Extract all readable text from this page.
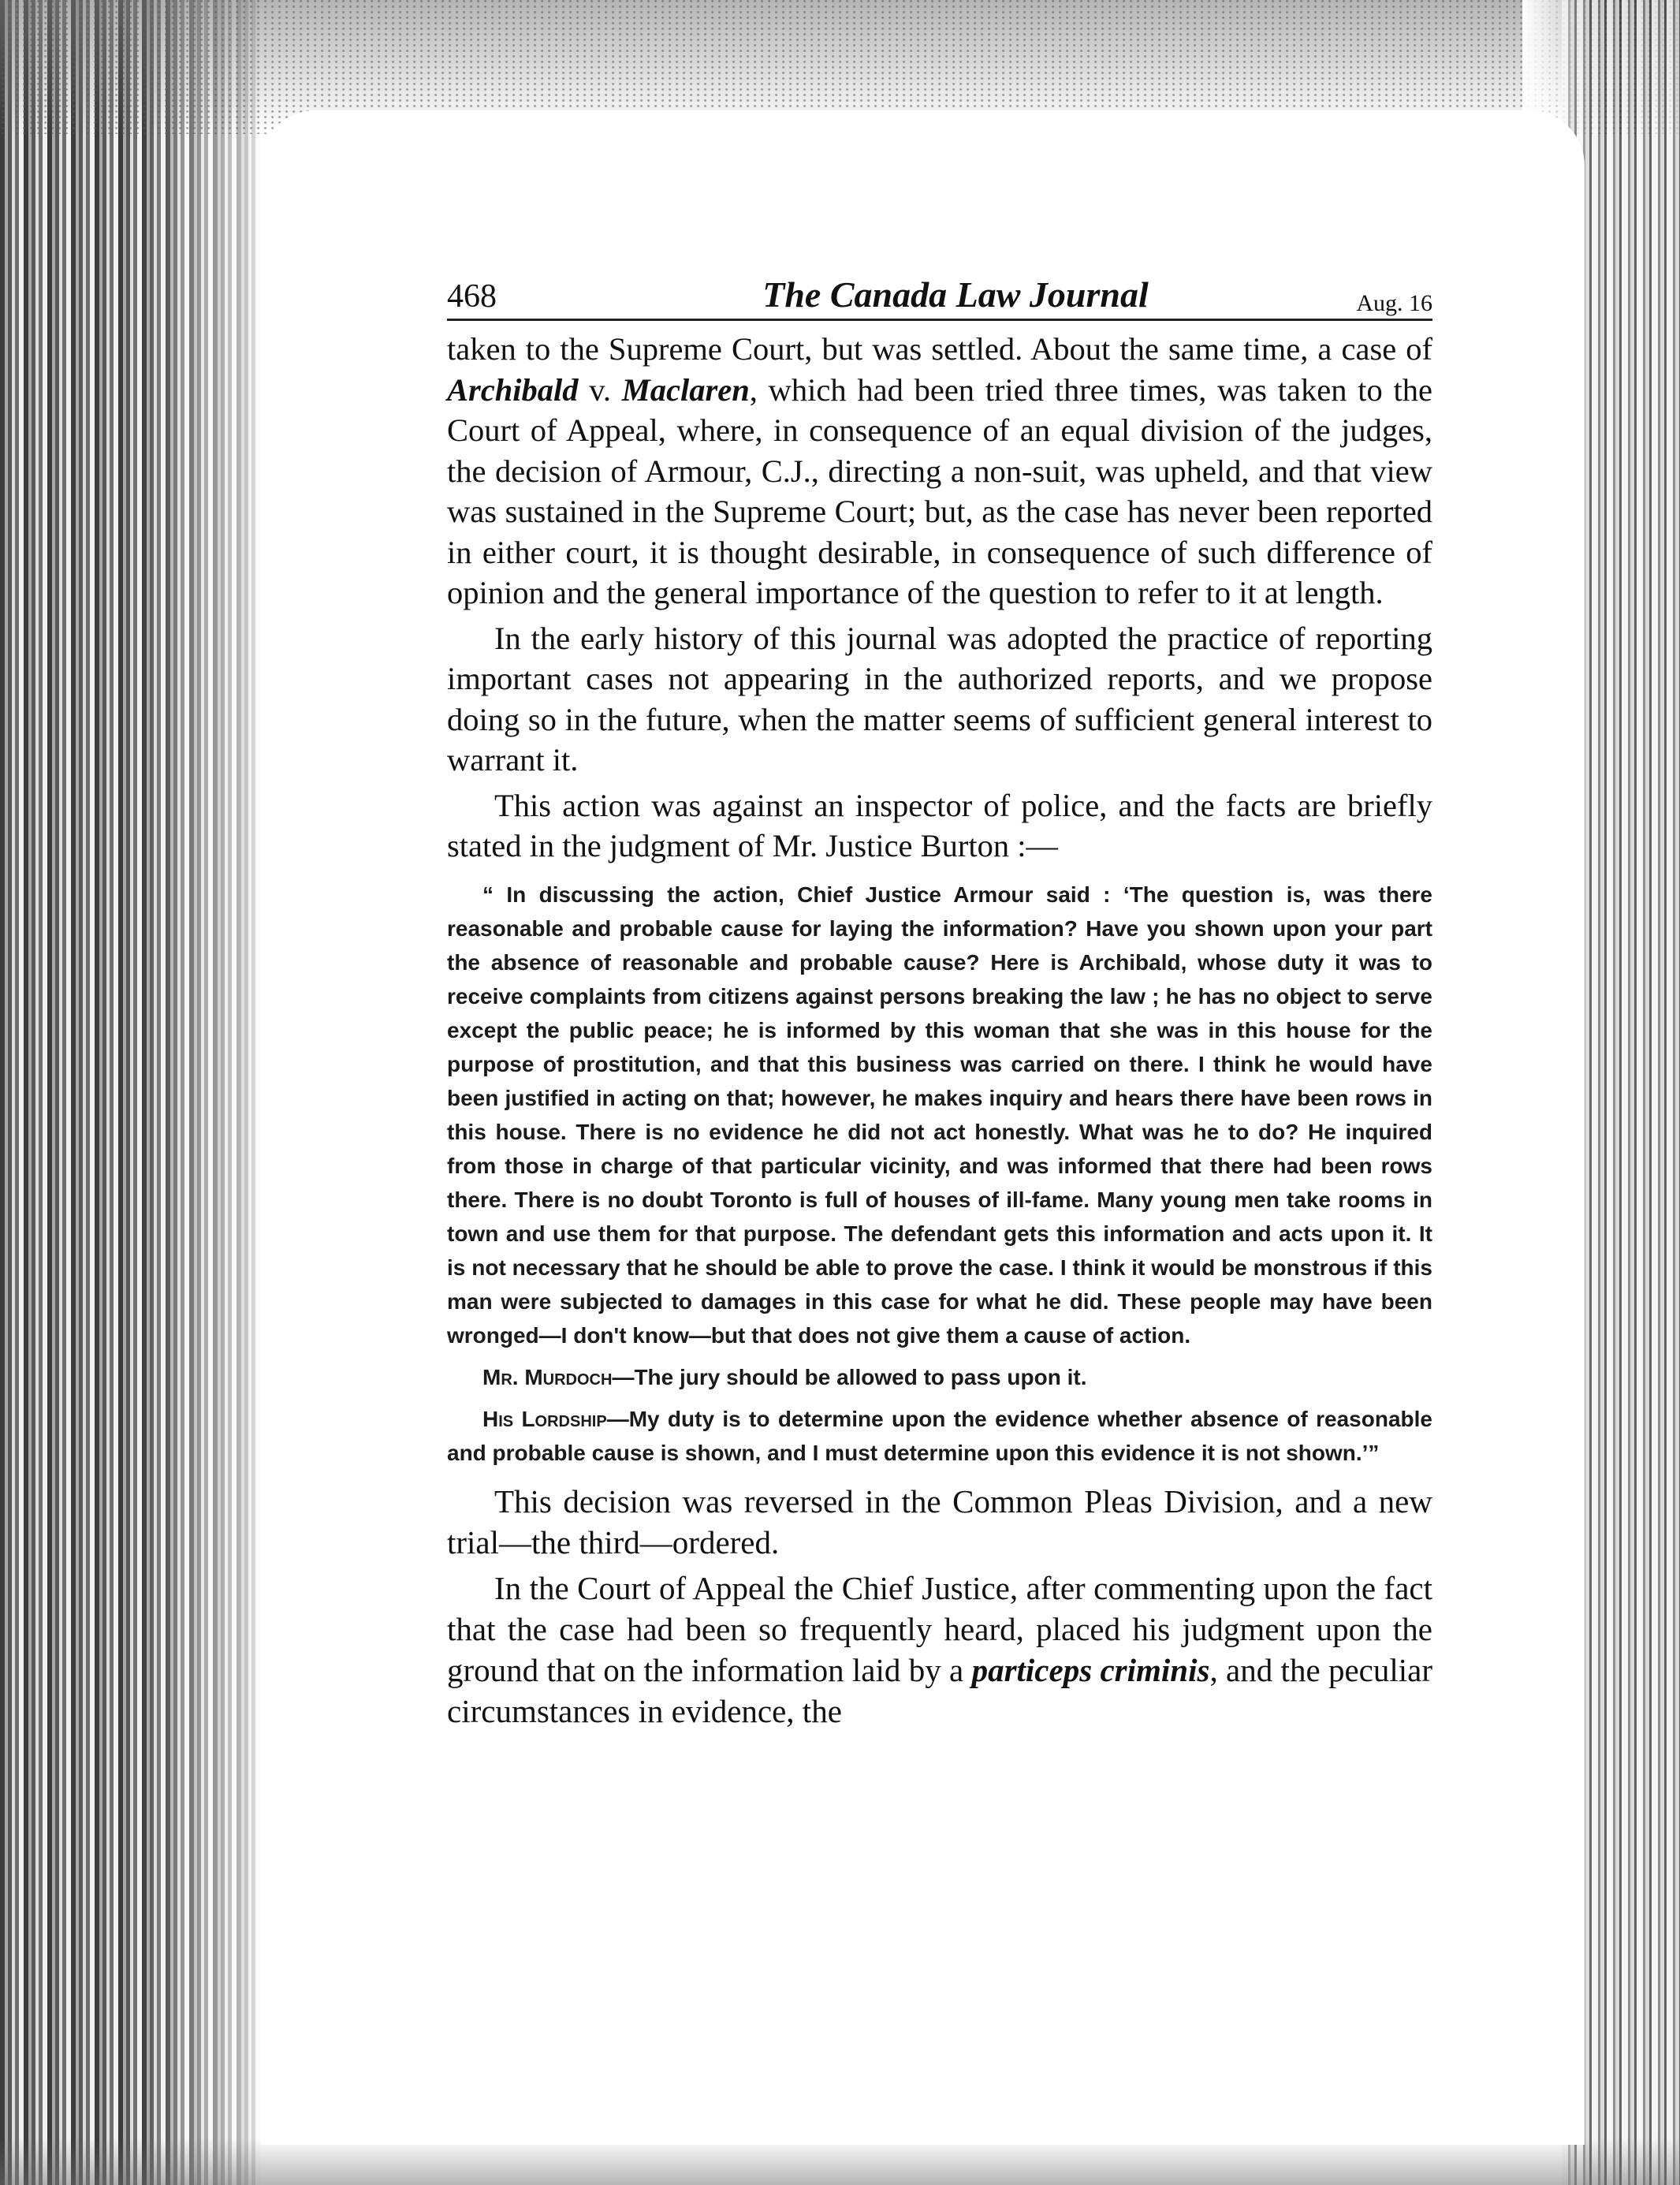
468	The Canada Law Journal	Aug. 16

taken to the Supreme Court, but was settled. About the same time, a case of Archibald v. Maclaren, which had been tried three times, was taken to the Court of Appeal, where, in consequence of an equal division of the judges, the decision of Armour, C.J., directing a non-suit, was upheld, and that view was sustained in the Supreme Court; but, as the case has never been reported in either court, it is thought desirable, in consequence of such difference of opinion and the general importance of the question to refer to it at length.

In the early history of this journal was adopted the practice of reporting important cases not appearing in the authorized reports, and we propose doing so in the future, when the matter seems of sufficient general interest to warrant it.

This action was against an inspector of police, and the facts are briefly stated in the judgment of Mr. Justice Burton :—

“ In discussing the action, Chief Justice Armour said : ‘The question is, was there reasonable and probable cause for laying the information? Have you shown upon your part the absence of reasonable and probable cause? Here is Archibald, whose duty it was to receive complaints from citizens against persons breaking the law ; he has no object to serve except the public peace; he is informed by this woman that she was in this house for the purpose of prostitution, and that this business was carried on there. I think he would have been justified in acting on that; however, he makes inquiry and hears there have been rows in this house. There is no evidence he did not act honestly. What was he to do? He inquired from those in charge of that particular vicinity, and was informed that there had been rows there. There is no doubt Toronto is full of houses of ill-fame. Many young men take rooms in town and use them for that purpose. The defendant gets this information and acts upon it. It is not necessary that he should be able to prove the case. I think it would be monstrous if this man were subjected to damages in this case for what he did. These people may have been wronged—I don't know—but that does not give them a cause of action.

Mr. Murdoch—The jury should be allowed to pass upon it.

His Lordship—My duty is to determine upon the evidence whether absence of reasonable and probable cause is shown, and I must determine upon this evidence it is not shown.’”

This decision was reversed in the Common Pleas Division, and a new trial—the third—ordered.

In the Court of Appeal the Chief Justice, after commenting upon the fact that the case had been so frequently heard, placed his judgment upon the ground that on the information laid by a particeps criminis, and the peculiar circumstances in evidence, the
